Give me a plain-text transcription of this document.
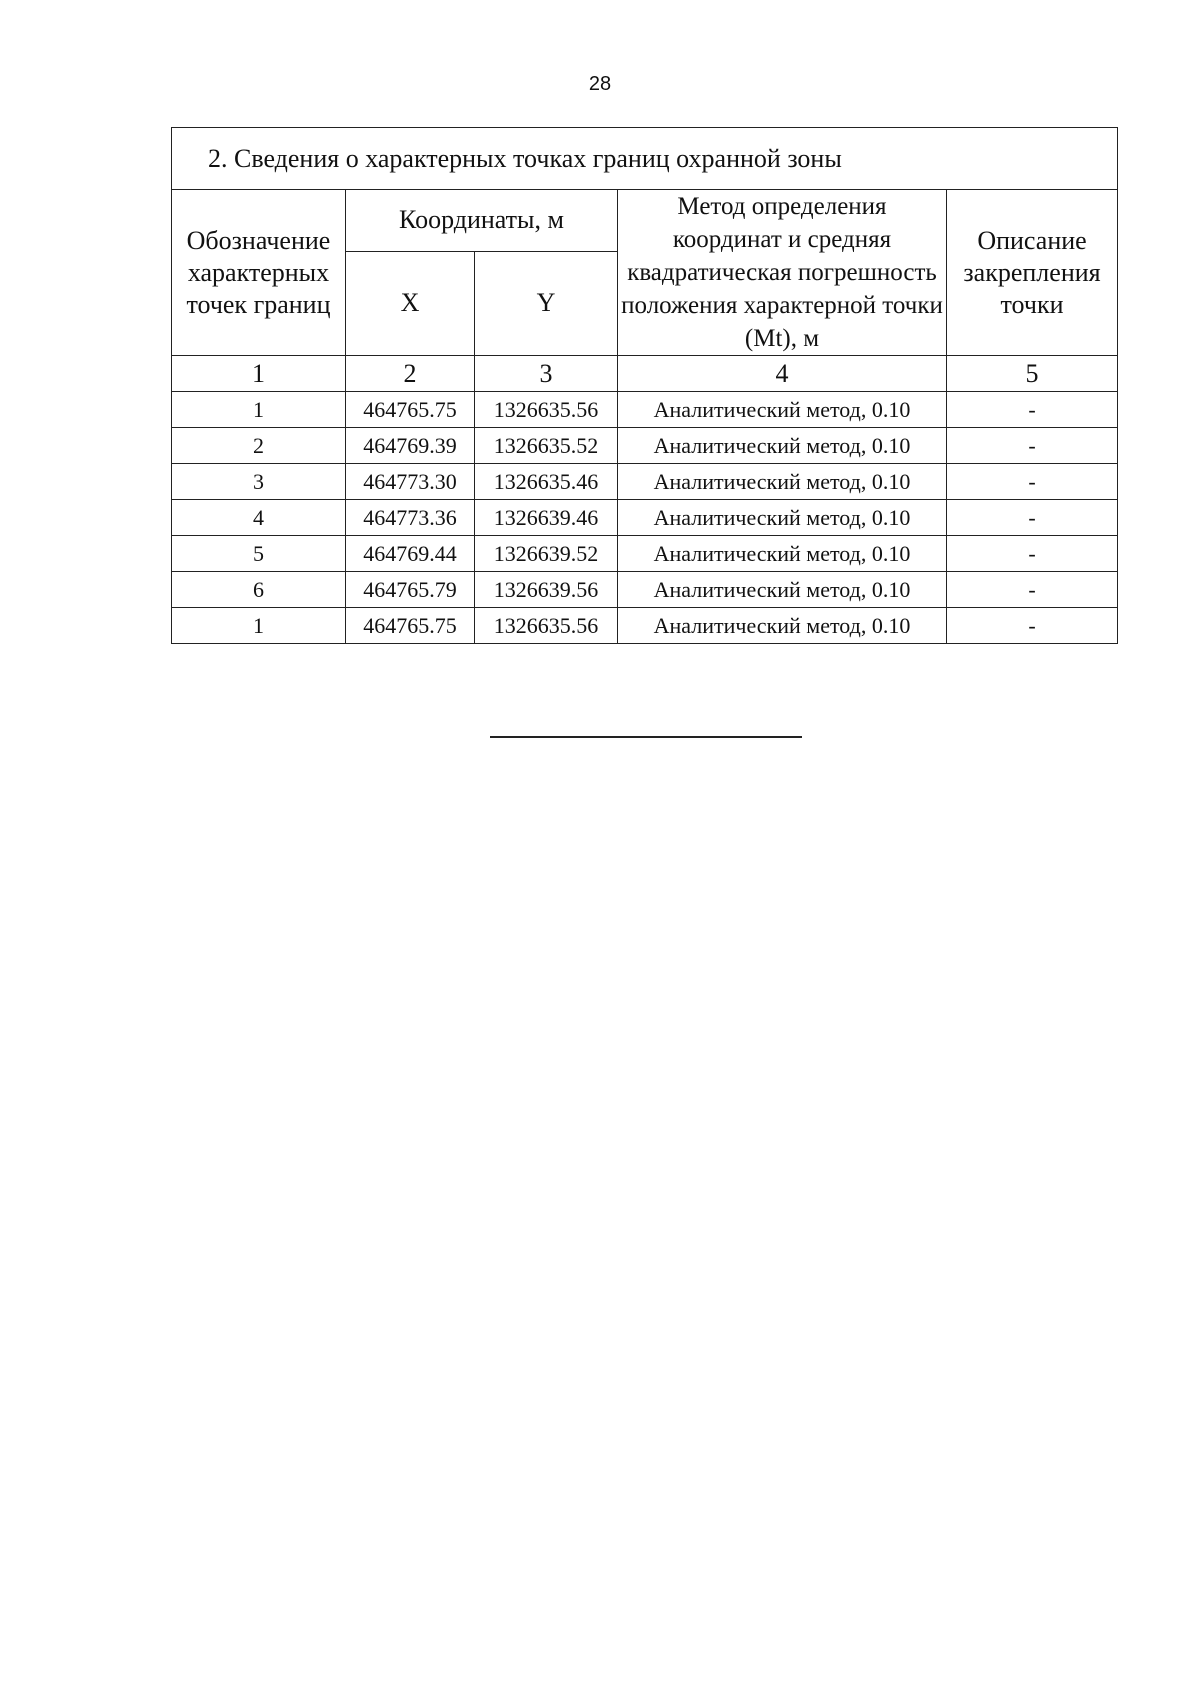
28
2. Сведения о характерных точках границ охранной зоны				
Обозначение характерных точек границ	Координаты, м		Метод определения координат и средняя квадратическая погрешность положения характерной точки (Mt), м	Описание закрепления точки
	X	Y		
1	2	3	4	5
1	464765.75	1326635.56	Аналитический метод, 0.10	-
2	464769.39	1326635.52	Аналитический метод, 0.10	-
3	464773.30	1326635.46	Аналитический метод, 0.10	-
4	464773.36	1326639.46	Аналитический метод, 0.10	-
5	464769.44	1326639.52	Аналитический метод, 0.10	-
6	464765.79	1326639.56	Аналитический метод, 0.10	-
1	464765.75	1326635.56	Аналитический метод, 0.10	-
